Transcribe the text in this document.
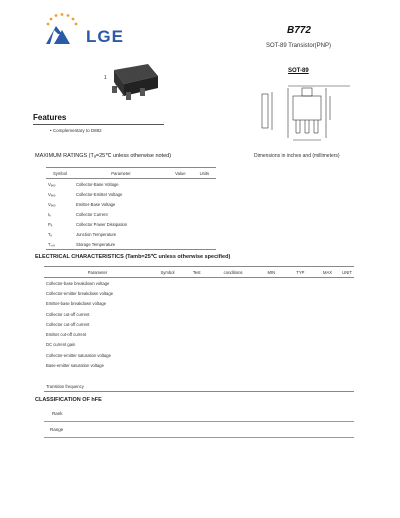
LGE	B772
SOT-89 Transistor(PNP)
1
2
3
SOT-89
Dimensions in inches and (millimeters)
Features
• Complementary to D882
MAXIMUM RATINGS (Tₐ=25℃ unless otherwise noted)
Symbol	Parameter	Value	Units
Vₑₑₒ	Collector-Base Voltage		
Vₑₑₒ	Collector-Emitter Voltage		
Vₑₑₒ	Emitter-Base Voltage		
Iₑ	Collector Current		
Pₑ	Collector Power Dissipation		
Tₑ	Junction Temperature		
Tₛₜₑ	Storage Temperature		
ELECTRICAL CHARACTERISTICS (Tamb=25℃ unless otherwise specified)
Parameter	Symbol	Test	conditions	MIN	TYP	MAX	UNIT
Collector-base breakdown voltage							
Collector-emitter breakdown voltage							
Emitter-base breakdown voltage							
Collector cut-off current							
Collector cut-off current							
Emitter cut-off current							
DC current gain							
Collector-emitter saturation voltage							
Base-emitter saturation voltage							

Transition frequency							
CLASSIFICATION OF hFE
Rank
Range
